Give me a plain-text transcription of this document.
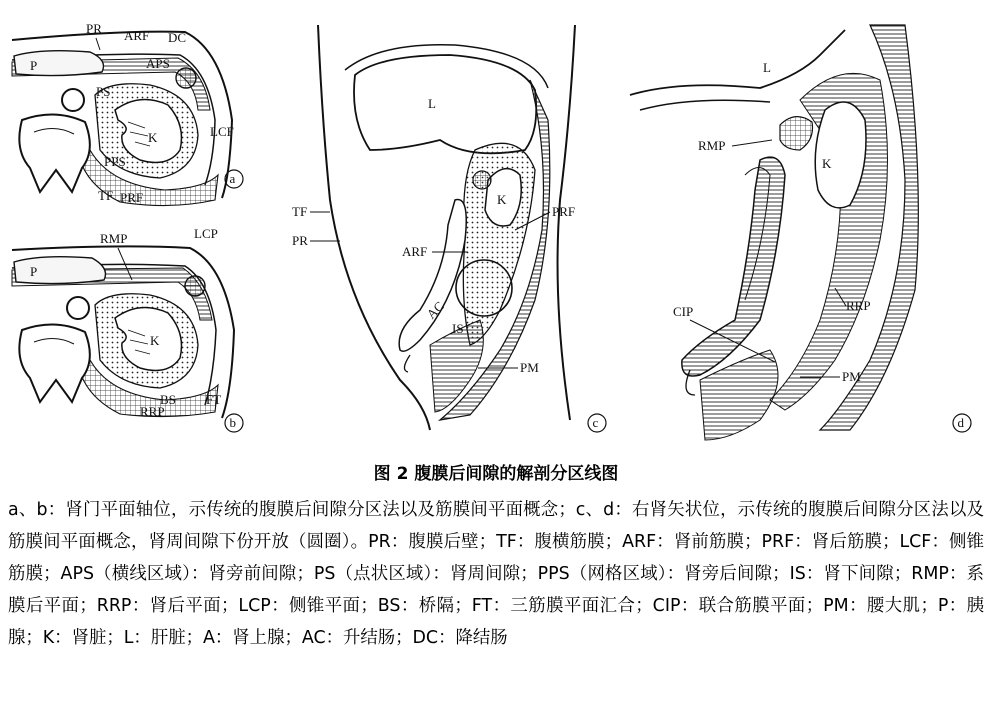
P
PR ARF DC
APS
PS
K	LCF
PPS
TF PRF
a
P
RMP	LCP
K
RRP
BS FT
b
L
K
TF
PR
ARF
PRF
AC
IS
PM
c
L
K
RMP
RRP
CIP
PM
d
图 2 腹膜后间隙的解剖分区线图
a、b：肾门平面轴位，示传统的腹膜后间隙分区法以及筋膜间平面概念；c、d：右肾矢状位，示传统的腹膜后间隙分区法以及筋膜间平面概念，肾周间隙下份开放（圆圈）。PR：腹膜后壁；TF：腹横筋膜；ARF：肾前筋膜；PRF：肾后筋膜；LCF：侧锥筋膜；APS（横线区域）：肾旁前间隙；PS（点状区域）：肾周间隙；PPS（网格区域）：肾旁后间隙；IS：肾下间隙；RMP：系膜后平面；RRP：肾后平面；LCP：侧锥平面；BS：桥隔；FT：三筋膜平面汇合；CIP：联合筋膜平面；PM：腰大肌；P：胰腺；K：肾脏；L：肝脏；A：肾上腺；AC：升结肠；DC：降结肠
